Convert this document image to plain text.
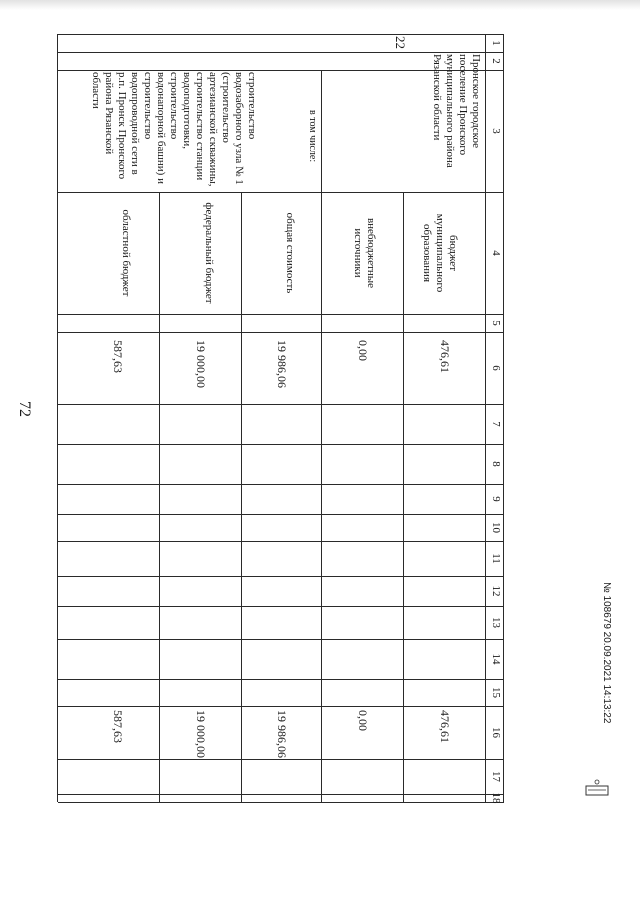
72
1
2
3
4
5
6
7
8
9
10
11
12
13
14
15
16
17
18
22
Пронское городское поселение Пронского муниципального района Рязанской области
строительство водозаборного узла № 1 (строительство артезианской скважины, строительство станции водоподготовки, строительство водонапорной башни) и строительство водопроводной сети в р.п. Пронск Пронского района Рязанской области
в том числе:
бюджет муниципального образования
476,61
476,61
внебюджетные источники
0,00
0,00
общая стоимость
19 986,06
19 986,06
федеральный бюджет
19 000,00
19 000,00
областной бюджет
587,63
587,63
№ 108679 20.09.2021 14:13:22
